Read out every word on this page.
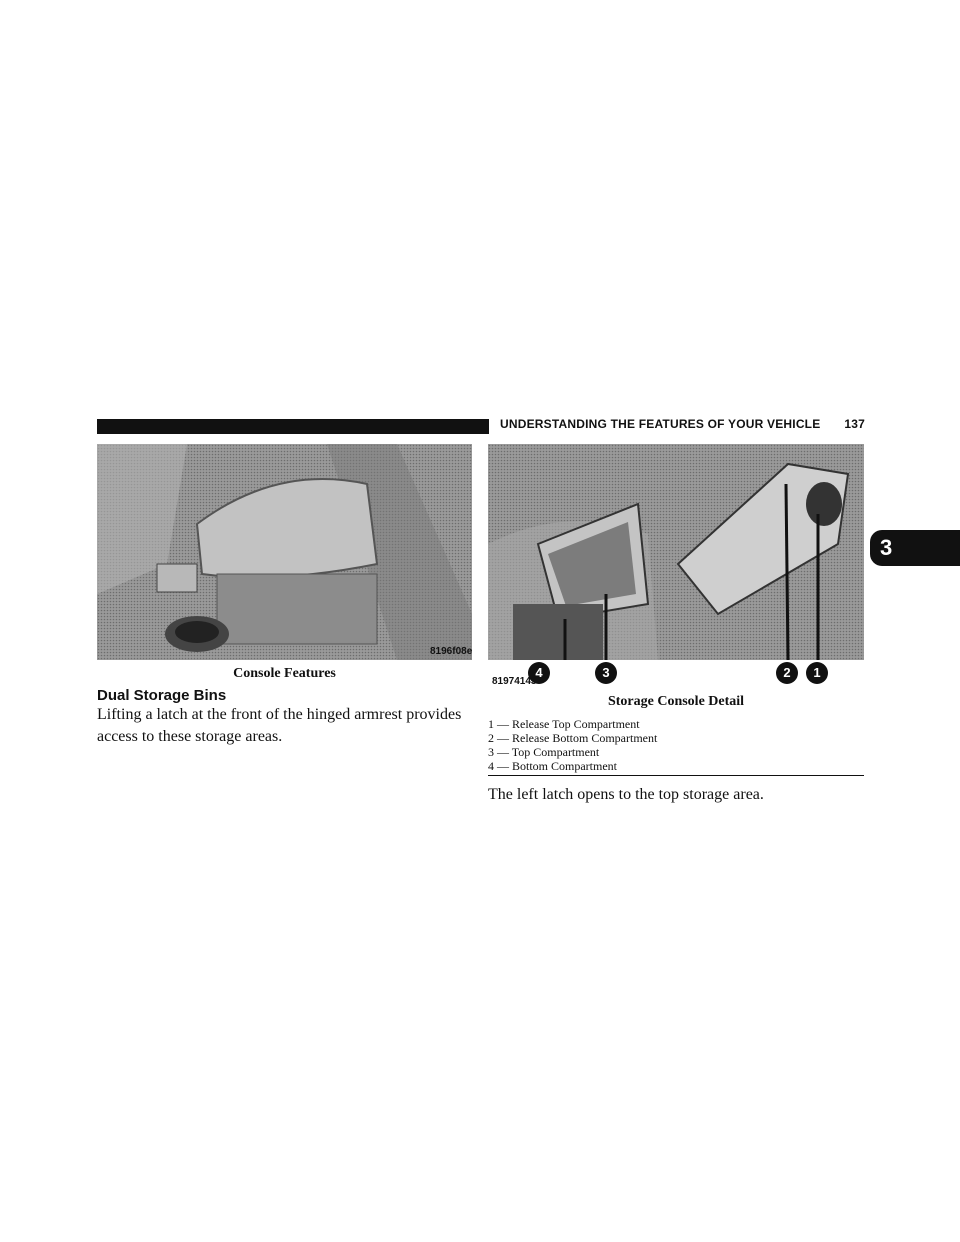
UNDERSTANDING THE FEATURES OF YOUR VEHICLE 137
8196f08e
Console Features
Dual Storage Bins
Lifting a latch at the front of the hinged armrest provides
access to these storage areas.
4	3	2	1
81974143
Storage Console Detail
1 — Release Top Compartment
2 — Release Bottom Compartment
3 — Top Compartment
4 — Bottom Compartment
The left latch opens to the top storage area.
3
